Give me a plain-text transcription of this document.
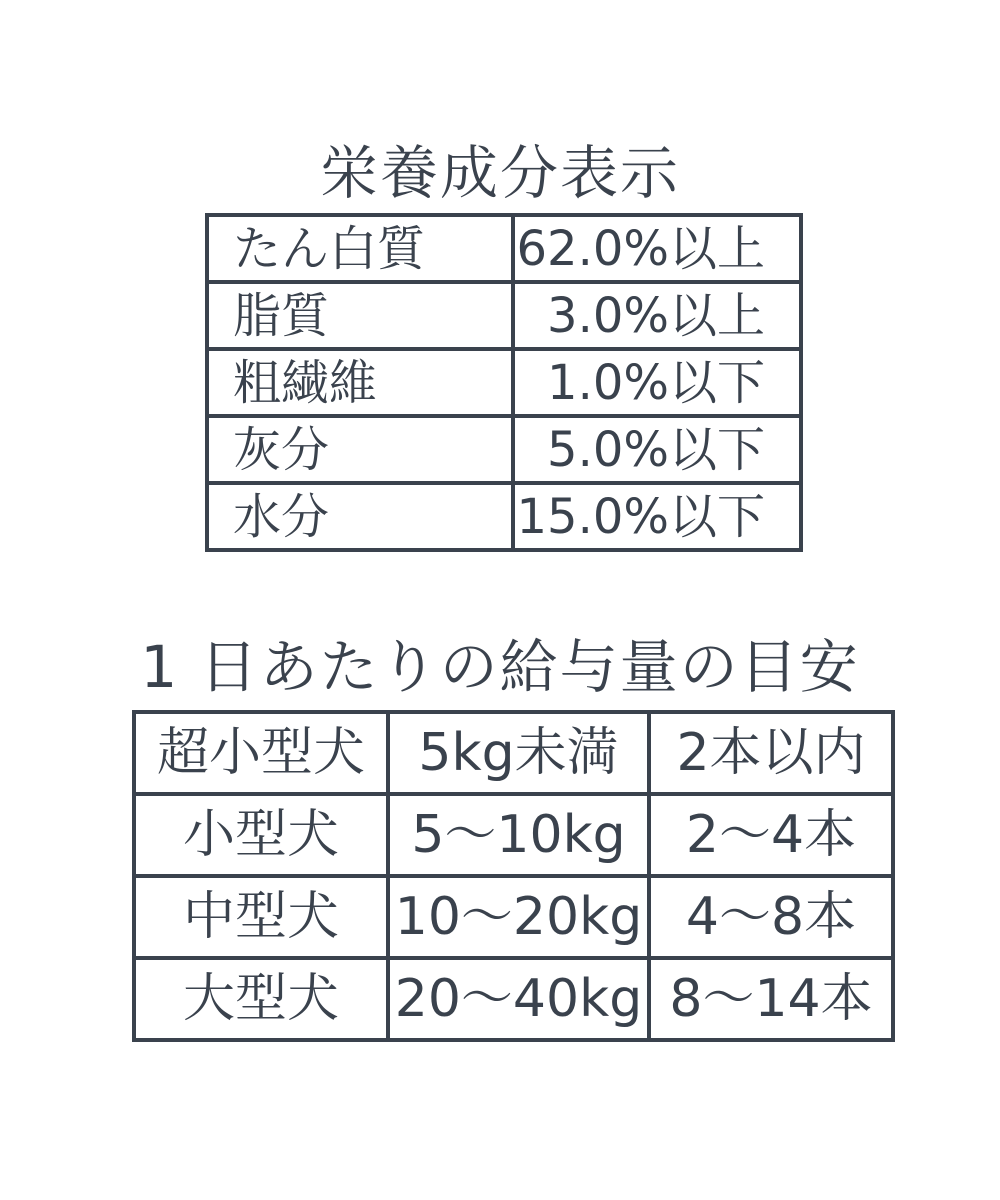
栄養成分表示
たん白質	62.0%以上
脂質	3.0%以上
粗繊維	1.0%以下
灰分	5.0%以下
水分	15.0%以下
1 日あたりの給与量の目安
超小型犬	5kg未満	2本以内
小型犬	5〜10kg	2〜4本
中型犬	10〜20kg	4〜8本
大型犬	20〜40kg	8〜14本
